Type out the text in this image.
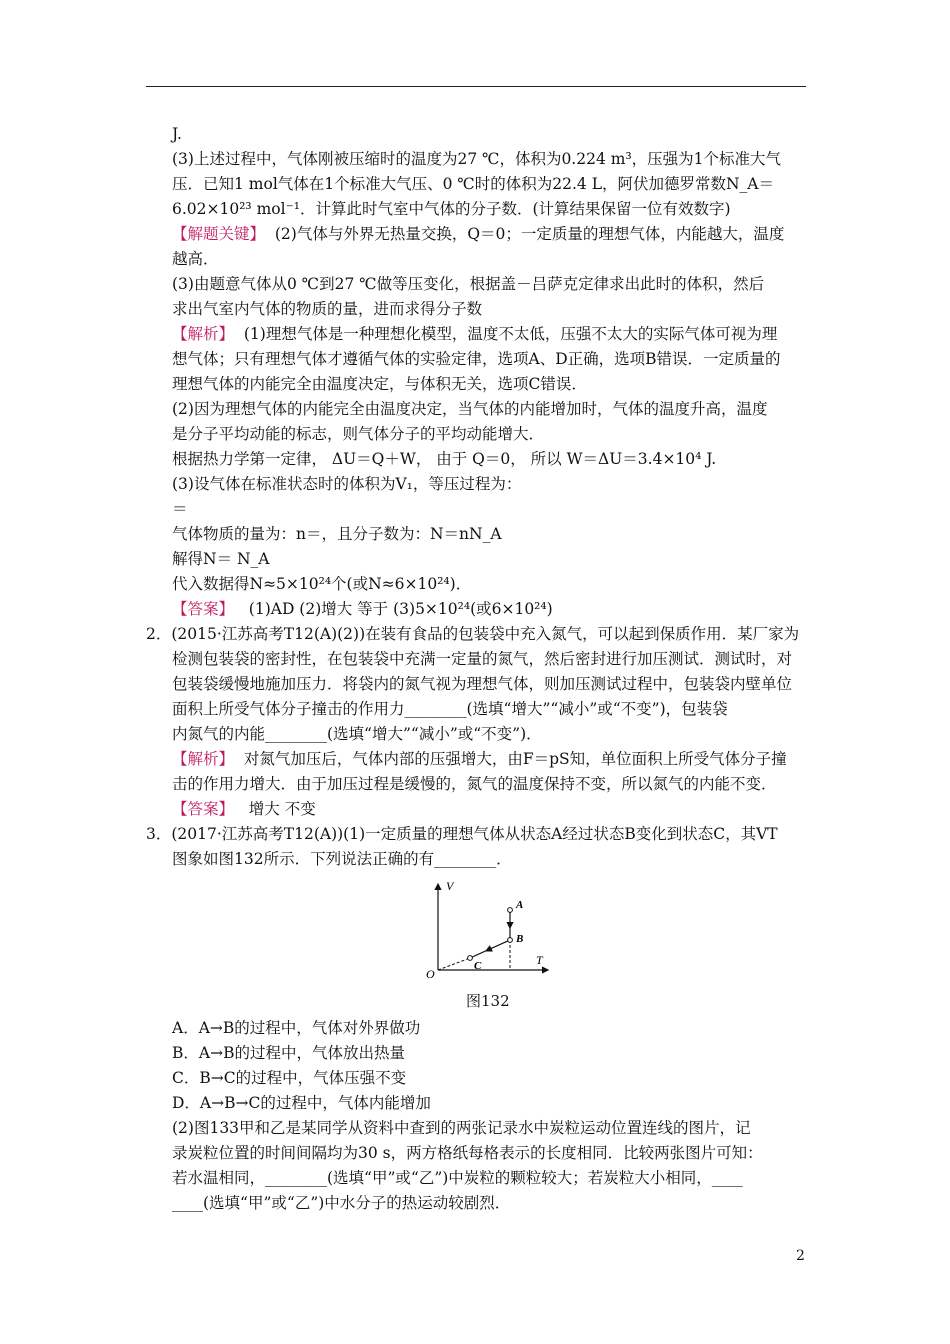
J.
(3)上述过程中，气体刚被压缩时的温度为27 ℃，体积为0.224 m³，压强为1个标准大气
压．已知1 mol气体在1个标准大气压、0 ℃时的体积为22.4 L，阿伏加德罗常数N_A＝
6.02×10²³ mol⁻¹．计算此时气室中气体的分子数．(计算结果保留一位有效数字)
【解题关键】 (2)气体与外界无热量交换，Q＝0；一定质量的理想气体，内能越大，温度
越高．
(3)由题意气体从0 ℃到27 ℃做等压变化，根据盖－吕萨克定律求出此时的体积，然后
求出气室内气体的物质的量，进而求得分子数
【解析】 (1)理想气体是一种理想化模型，温度不太低，压强不太大的实际气体可视为理
想气体；只有理想气体才遵循气体的实验定律，选项A、D正确，选项B错误．一定质量的
理想气体的内能完全由温度决定，与体积无关，选项C错误．
(2)因为理想气体的内能完全由温度决定，当气体的内能增加时，气体的温度升高，温度
是分子平均动能的标志，则气体分子的平均动能增大．
根据热力学第一定律， ΔU＝Q＋W， 由于 Q＝0， 所以 W＝ΔU＝3.4×10⁴ J.
(3)设气体在标准状态时的体积为V₁，等压过程为：
＝
气体物质的量为：n＝，且分子数为：N＝nN_A
解得N＝ N_A
代入数据得N≈5×10²⁴个(或N≈6×10²⁴)．
【答案】 (1)AD (2)增大 等于 (3)5×10²⁴(或6×10²⁴)
2．(2015·江苏高考T12(A)(2))在装有食品的包装袋中充入氮气，可以起到保质作用．某厂家为
检测包装袋的密封性，在包装袋中充满一定量的氮气，然后密封进行加压测试．测试时，对
包装袋缓慢地施加压力．将袋内的氮气视为理想气体，则加压测试过程中，包装袋内壁单位
面积上所受气体分子撞击的作用力________(选填“增大”“减小”或“不变”)，包装袋
内氮气的内能________(选填“增大”“减小”或“不变”)．
【解析】 对氮气加压后，气体内部的压强增大，由F＝pS知，单位面积上所受气体分子撞
击的作用力增大．由于加压过程是缓慢的，氮气的温度保持不变，所以氮气的内能不变．
【答案】 增大 不变
3．(2017·江苏高考T12(A))(1)一定质量的理想气体从状态A经过状态B变化到状态C，其VT
图象如图132所示．下列说法正确的有________．
V
T
O
A
B
C
图132
A．A→B的过程中，气体对外界做功
B．A→B的过程中，气体放出热量
C．B→C的过程中，气体压强不变
D．A→B→C的过程中，气体内能增加
(2)图133甲和乙是某同学从资料中查到的两张记录水中炭粒运动位置连线的图片，记
录炭粒位置的时间间隔均为30 s，两方格纸每格表示的长度相同．比较两张图片可知：
若水温相同，________(选填“甲”或“乙”)中炭粒的颗粒较大；若炭粒大小相同，____
____(选填“甲”或“乙”)中水分子的热运动较剧烈．
2
